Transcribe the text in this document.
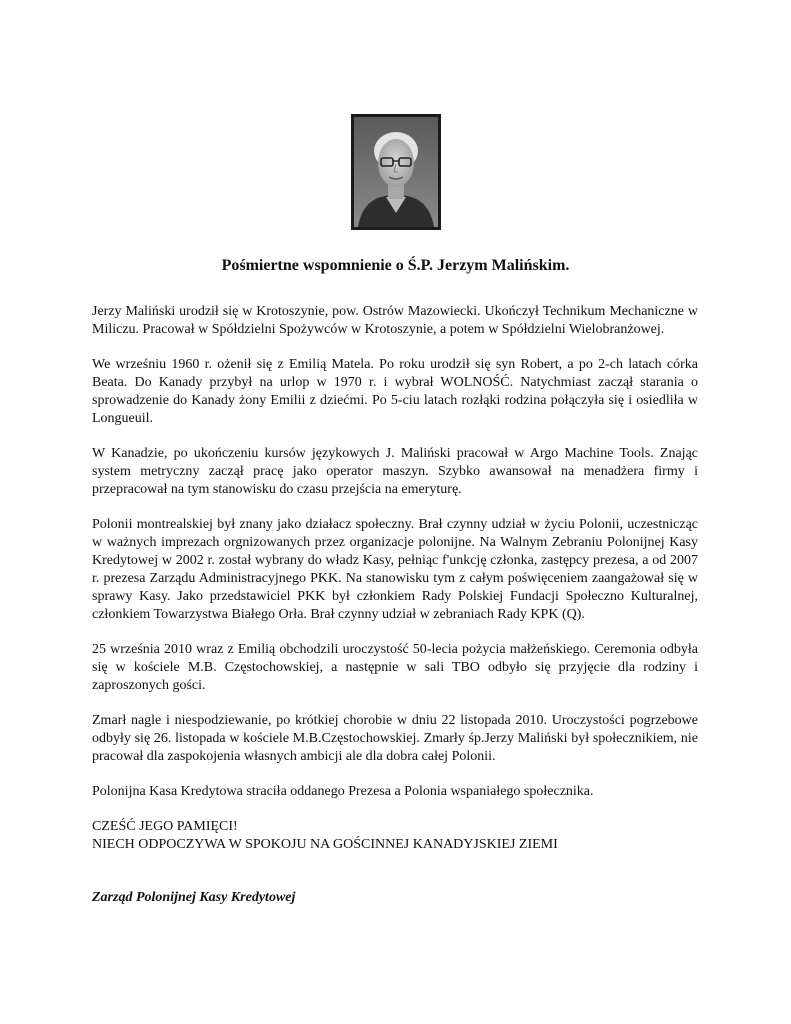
Pośmiertne wspomnienie o Ś.P. Jerzym Malińskim.

Jerzy Maliński urodził się w Krotoszynie, pow. Ostrów Mazowiecki. Ukończył Technikum Mechaniczne w Miliczu. Pracował w Spółdzielni Spożywców w Krotoszynie, a potem w Spółdzielni Wielobranżowej.

We wrześniu 1960 r. ożenił się z Emilią Matela. Po roku urodził się syn Robert, a po 2-ch latach córka Beata. Do Kanady przybył na urlop w 1970 r. i wybrał WOLNOŚĆ. Natychmiast zaczął starania o sprowadzenie do Kanady żony Emilii z dziećmi. Po 5-ciu latach rozłąki rodzina połączyła się i osiedliła w Longueuil.

W Kanadzie, po ukończeniu kursów językowych J. Maliński pracował w Argo Machine Tools. Znając system metryczny zaczął pracę jako operator maszyn. Szybko awansował na menadżera firmy i przepracował na tym stanowisku do czasu przejścia na emeryturę.

Polonii montrealskiej był znany jako działacz społeczny. Brał czynny udział w życiu Polonii, uczestnicząc w ważnych imprezach orgnizowanych przez organizacje polonijne. Na Walnym Zebraniu Polonijnej Kasy Kredytowej w 2002 r. został wybrany do władz Kasy, pełniąc f'unkcję członka, zastępcy prezesa, a od 2007 r. prezesa Zarządu Administracyjnego PKK. Na stanowisku tym z całym poświęceniem zaangażował się w sprawy Kasy. Jako przedstawiciel PKK był członkiem Rady Polskiej Fundacji Społeczno Kulturalnej, członkiem Towarzystwa Białego Orła. Brał czynny udział w zebraniach Rady KPK (Q).

25 września 2010 wraz z Emilią obchodzili uroczystość 50-lecia pożycia małżeńskiego. Ceremonia odbyła się w kościele M.B. Częstochowskiej, a następnie w sali TBO odbyło się przyjęcie dla rodziny i zaproszonych gości.

Zmarł nagle i niespodziewanie, po krótkiej chorobie w dniu 22 listopada 2010. Uroczystości pogrzebowe odbyły się 26. listopada w kościele M.B.Częstochowskiej. Zmarły śp.Jerzy Maliński był społecznikiem, nie pracował dla zaspokojenia własnych ambicji ale dla dobra całej Polonii.

Polonijna Kasa Kredytowa straciła oddanego Prezesa a Polonia wspaniałego społecznika.

CZEŚĆ JEGO PAMIĘCI!

NIECH ODPOCZYWA W SPOKOJU NA GOŚCINNEJ KANADYJSKIEJ ZIEMI

Zarząd Polonijnej Kasy Kredytowej
